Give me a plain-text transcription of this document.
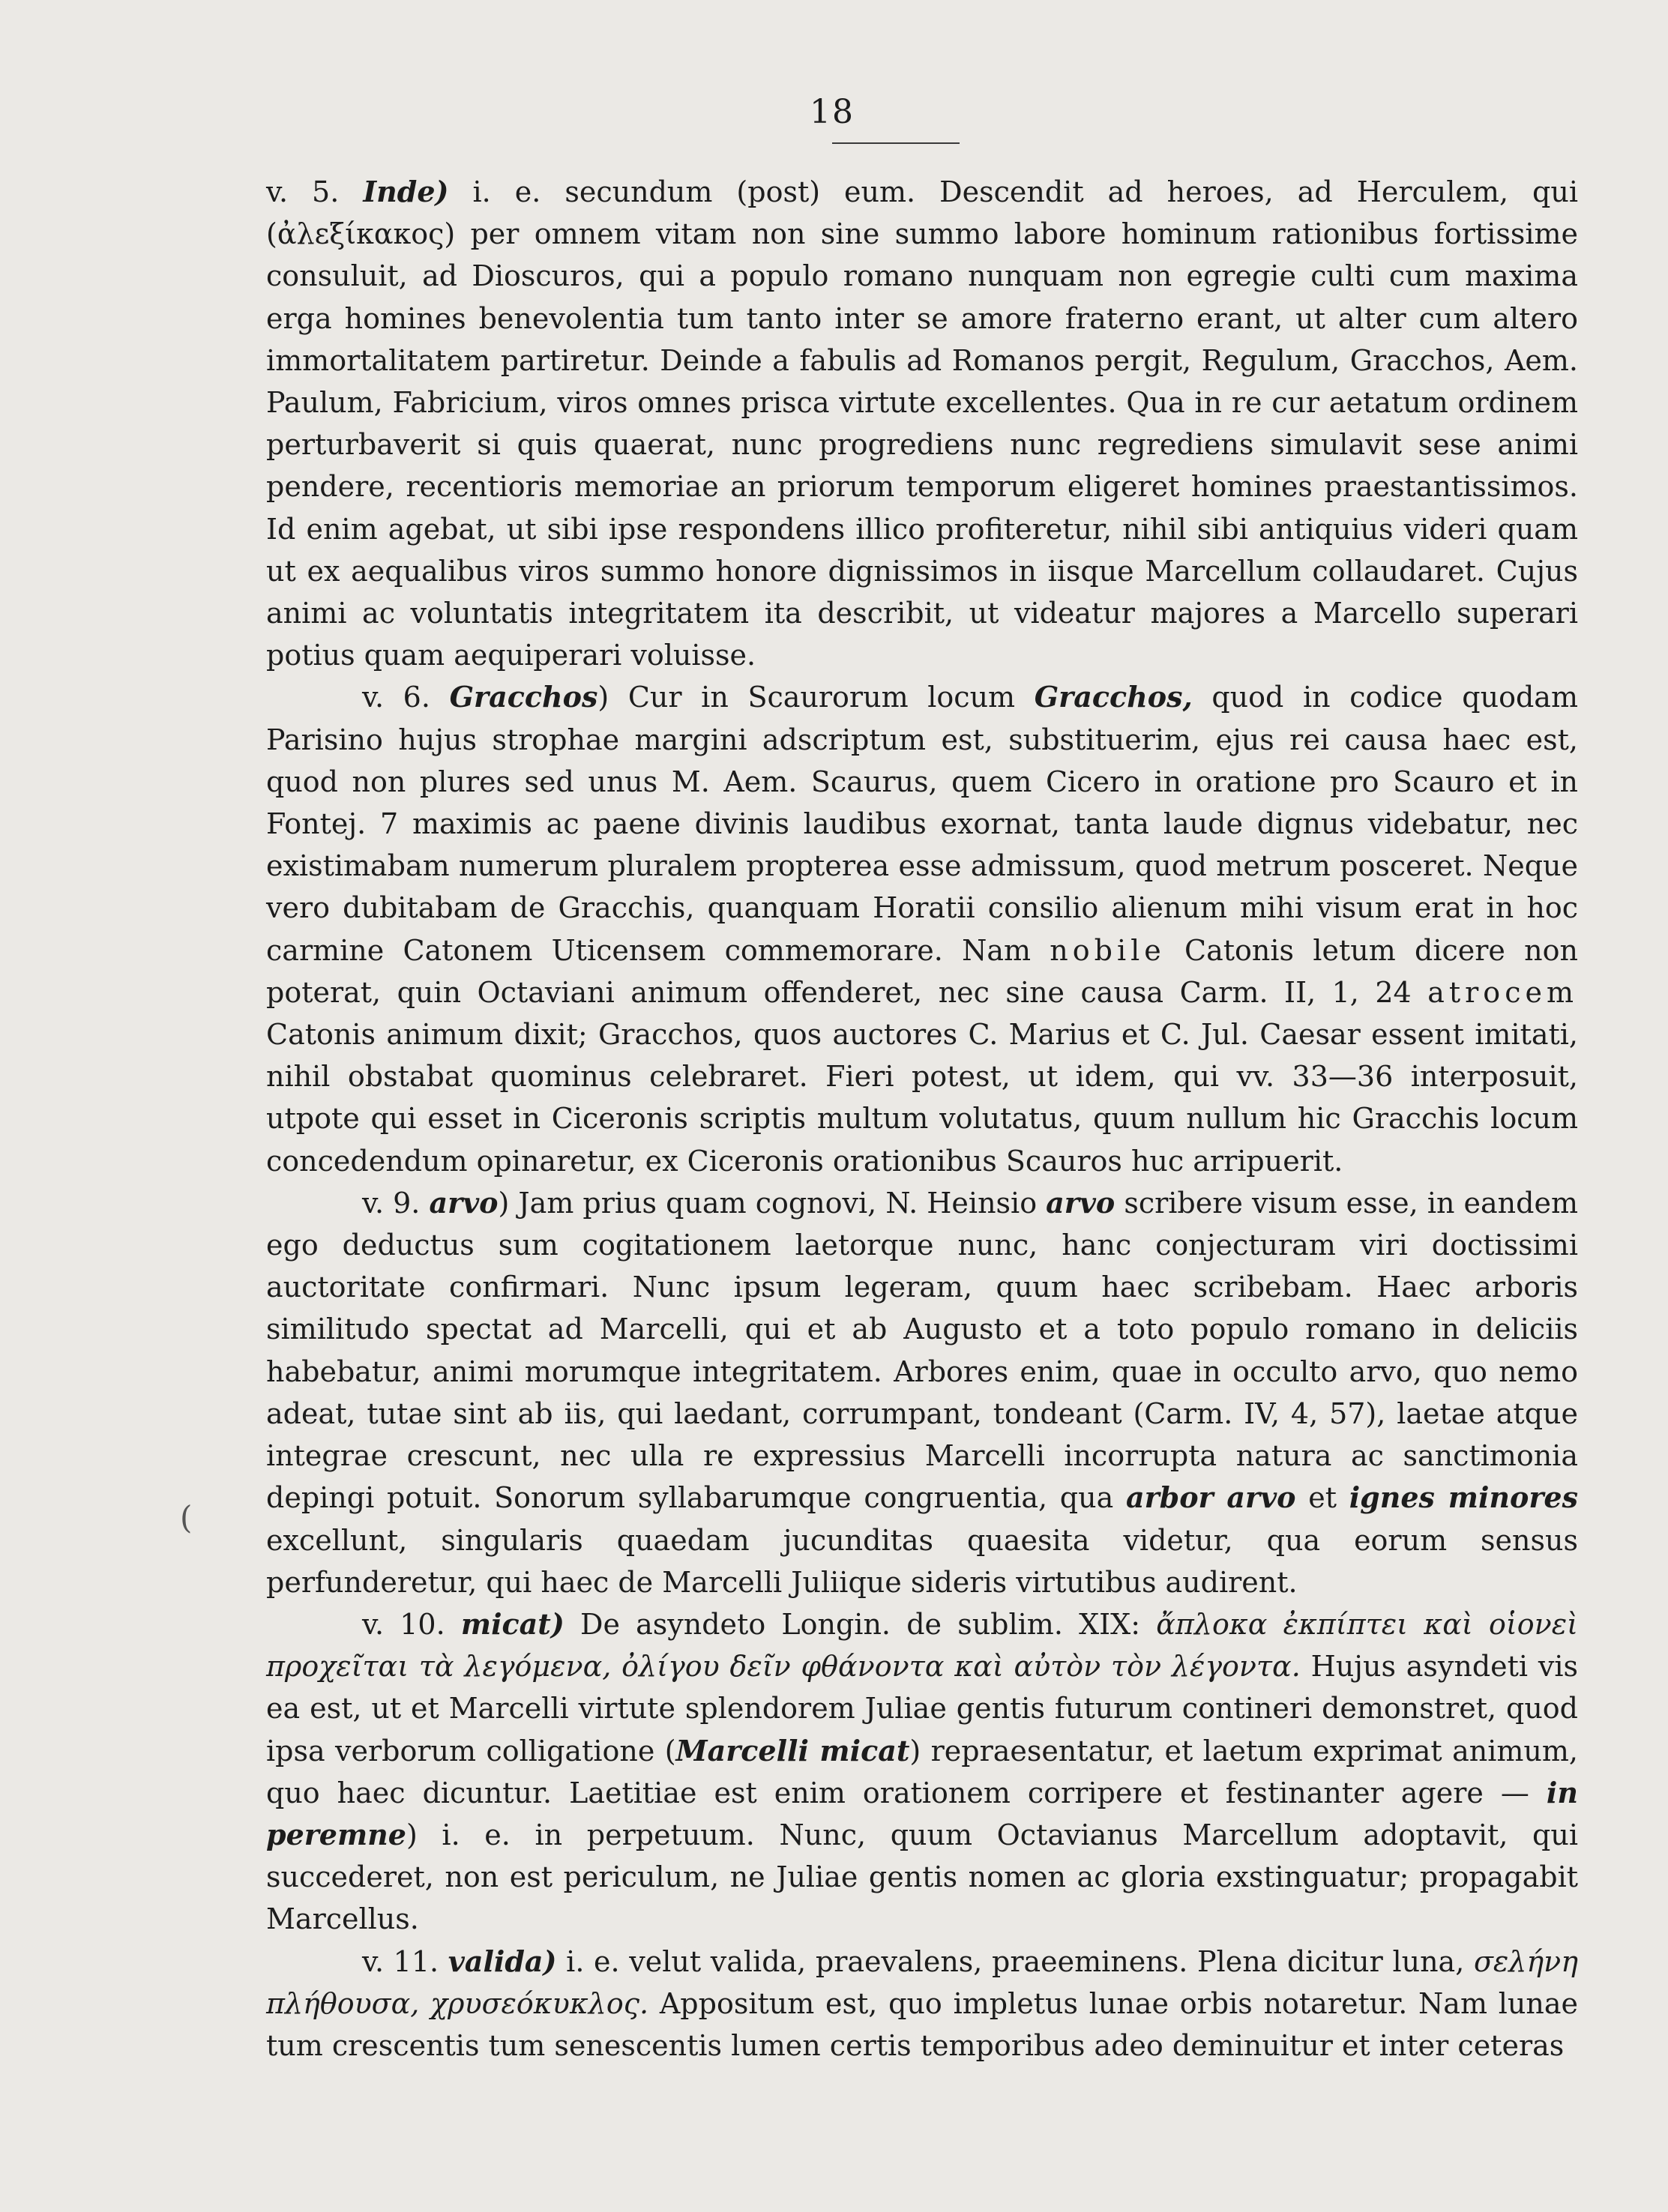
18
(

v. 5. Inde) i. e. secundum (post) eum. Descendit ad heroes, ad Herculem, qui (ἀλεξίκακος) per omnem vitam non sine summo labore hominum rationibus fortissime consuluit, ad Dioscuros, qui a populo romano nunquam non egregie culti cum maxima erga homines benevolentia tum tanto inter se amore fraterno erant, ut alter cum altero immortalitatem partiretur. Deinde a fabulis ad Romanos pergit, Regulum, Gracchos, Aem. Paulum, Fabricium, viros omnes prisca virtute excellentes. Qua in re cur aetatum ordinem perturbaverit si quis quaerat, nunc progrediens nunc regrediens simulavit sese animi pendere, recentioris memoriae an priorum temporum eligeret homines praestantissimos. Id enim agebat, ut sibi ipse respondens illico profiteretur, nihil sibi antiquius videri quam ut ex aequalibus viros summo honore dignissimos in iisque Marcellum collaudaret. Cujus animi ac voluntatis integritatem ita describit, ut videatur majores a Marcello superari potius quam aequiperari voluisse.

v. 6. Gracchos) Cur in Scaurorum locum Gracchos, quod in codice quodam Parisino hujus strophae margini adscriptum est, substituerim, ejus rei causa haec est, quod non plures sed unus M. Aem. Scaurus, quem Cicero in oratione pro Scauro et in Fontej. 7 maximis ac paene divinis laudibus exornat, tanta laude dignus videbatur, nec existimabam numerum pluralem propterea esse admissum, quod metrum posceret. Neque vero dubitabam de Gracchis, quanquam Horatii consilio alienum mihi visum erat in hoc carmine Catonem Uticensem commemorare. Nam nobile Catonis letum dicere non poterat, quin Octaviani animum offenderet, nec sine causa Carm. II, 1, 24 atrocem Catonis animum dixit; Gracchos, quos auctores C. Marius et C. Jul. Caesar essent imitati, nihil obstabat quominus celebraret. Fieri potest, ut idem, qui vv. 33—36 interposuit, utpote qui esset in Ciceronis scriptis multum volutatus, quum nullum hic Gracchis locum concedendum opinaretur, ex Ciceronis orationibus Scauros huc arripuerit.

v. 9. arvo) Jam prius quam cognovi, N. Heinsio arvo scribere visum esse, in eandem ego deductus sum cogitationem laetorque nunc, hanc conjecturam viri doctissimi auctoritate confirmari. Nunc ipsum legeram, quum haec scribebam. Haec arboris similitudo spectat ad Marcelli, qui et ab Augusto et a toto populo romano in deliciis habebatur, animi morumque integritatem. Arbores enim, quae in occulto arvo, quo nemo adeat, tutae sint ab iis, qui laedant, corrumpant, tondeant (Carm. IV, 4, 57), laetae atque integrae crescunt, nec ulla re expressius Marcelli incorrupta natura ac sanctimonia depingi potuit. Sonorum syllabarumque congruentia, qua arbor arvo et ignes minores excellunt, singularis quaedam jucunditas quaesita videtur, qua eorum sensus perfunderetur, qui haec de Marcelli Juliique sideris virtutibus audirent.

v. 10. micat) De asyndeto Longin. de sublim. XIX: ἄπλοκα ἐκπίπτει καὶ οἱονεὶ προχεῖται τὰ λεγόμενα, ὀλίγου δεῖν φθάνοντα καὶ αὐτὸν τὸν λέγοντα. Hujus asyndeti vis ea est, ut et Marcelli virtute splendorem Juliae gentis futurum contineri demonstret, quod ipsa verborum colligatione (Marcelli micat) repraesentatur, et laetum exprimat animum, quo haec dicuntur. Laetitiae est enim orationem corripere et festinanter agere — in peremne) i. e. in perpetuum. Nunc, quum Octavianus Marcellum adoptavit, qui succederet, non est periculum, ne Juliae gentis nomen ac gloria exstinguatur; propagabit Marcellus.

v. 11. valida) i. e. velut valida, praevalens, praeeminens. Plena dicitur luna, σελήνη πλήθουσα, χρυσεόκυκλος. Appositum est, quo impletus lunae orbis notaretur. Nam lunae tum crescentis tum senescentis lumen certis temporibus adeo deminuitur et inter ceteras
